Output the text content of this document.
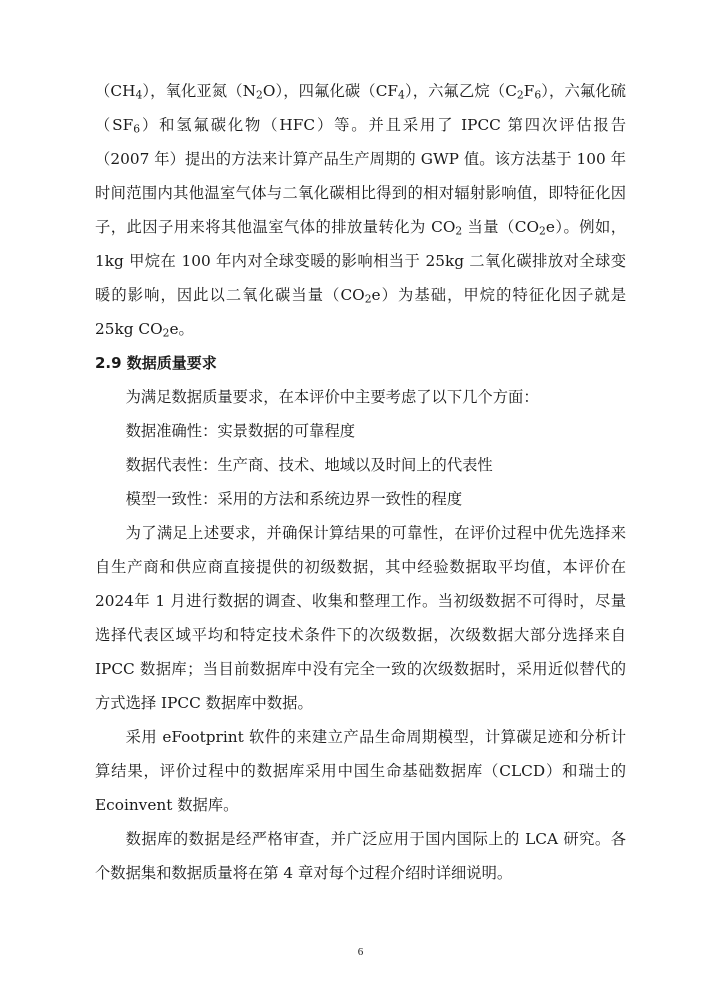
$(CH_4)$，氧化亚氮$(N_2O)$，四氟化碳$(CF_4)$，六氟乙烷$(C_2F_6)$，六氟化硫$(SF_6)$和氢氟碳化物（HFC）等。并且采用了 IPCC 第四次评估报告（2007 年）提出的方法来计算产品生产周期的 GWP 值。该方法基于 100 年时间范围内其他温室气体与二氧化碳相比得到的相对辐射影响值，即特征化因子，此因子用来将其他温室气体的排放量转化为 $CO_2$ 当量$(CO_2e)$。例如，1kg 甲烷在 100 年内对全球变暖的影响相当于 25kg 二氧化碳排放对全球变暖的影响，因此以二氧化碳当量$(CO_2e)$为基础，甲烷的特征化因子就是 25kg $CO_2e$。

2.9 数据质量要求

为满足数据质量要求，在本评价中主要考虑了以下几个方面：

数据准确性：实景数据的可靠程度

数据代表性：生产商、技术、地域以及时间上的代表性

模型一致性：采用的方法和系统边界一致性的程度

为了满足上述要求，并确保计算结果的可靠性，在评价过程中优先选择来自生产商和供应商直接提供的初级数据，其中经验数据取平均值，本评价在 2024年 1 月进行数据的调查、收集和整理工作。当初级数据不可得时，尽量选择代表区域平均和特定技术条件下的次级数据，次级数据大部分选择来自 IPCC 数据库；当目前数据库中没有完全一致的次级数据时，采用近似替代的方式选择 IPCC 数据库中数据。

采用 eFootprint 软件的来建立产品生命周期模型，计算碳足迹和分析计算结果，评价过程中的数据库采用中国生命基础数据库（CLCD）和瑞士的 Ecoinvent 数据库。

数据库的数据是经严格审查，并广泛应用于国内国际上的 LCA 研究。各个数据集和数据质量将在第 4 章对每个过程介绍时详细说明。

6
